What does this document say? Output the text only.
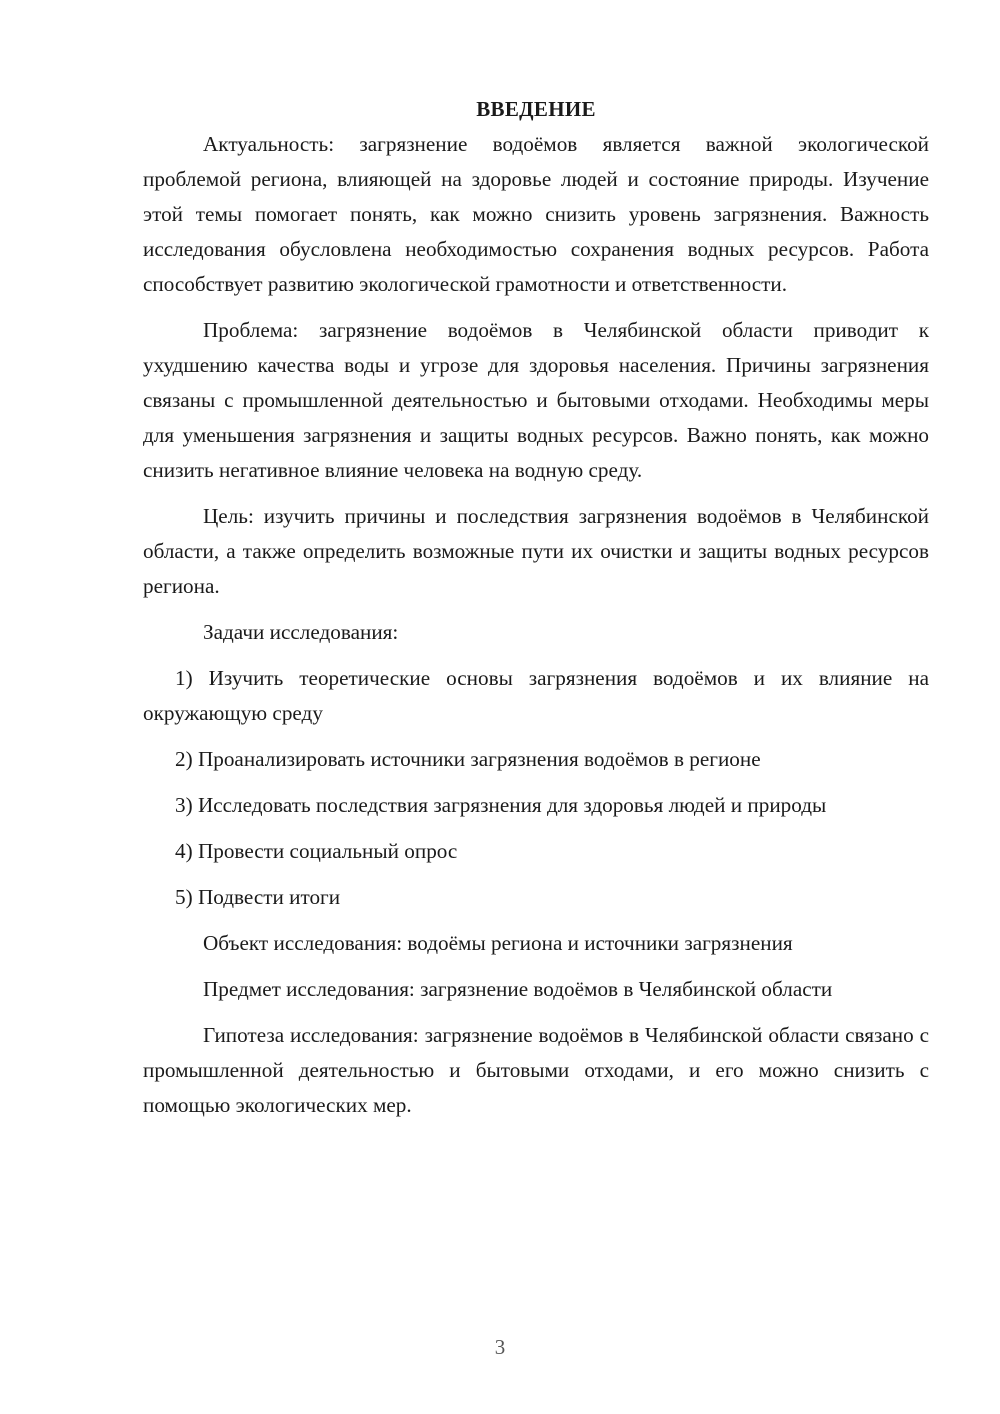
ВВЕДЕНИЕ

Актуальность: загрязнение водоёмов является важной экологической проблемой региона, влияющей на здоровье людей и состояние природы. Изучение этой темы помогает понять, как можно снизить уровень загрязнения. Важность исследования обусловлена необходимостью сохранения водных ресурсов. Работа способствует развитию экологической грамотности и ответственности.

Проблема: загрязнение водоёмов в Челябинской области приводит к ухудшению качества воды и угрозе для здоровья населения. Причины загрязнения связаны с промышленной деятельностью и бытовыми отходами. Необходимы меры для уменьшения загрязнения и защиты водных ресурсов. Важно понять, как можно снизить негативное влияние человека на водную среду.

Цель: изучить причины и последствия загрязнения водоёмов в Челябинской области, а также определить возможные пути их очистки и защиты водных ресурсов региона.

Задачи исследования:

1) Изучить теоретические основы загрязнения водоёмов и их влияние на окружающую среду

2) Проанализировать источники загрязнения водоёмов в регионе

3) Исследовать последствия загрязнения для здоровья людей и природы

4) Провести социальный опрос

5) Подвести итоги

Объект исследования: водоёмы региона и источники загрязнения

Предмет исследования: загрязнение водоёмов в Челябинской области

Гипотеза исследования: загрязнение водоёмов в Челябинской области связано с промышленной деятельностью и бытовыми отходами, и его можно снизить с помощью экологических мер.

3
